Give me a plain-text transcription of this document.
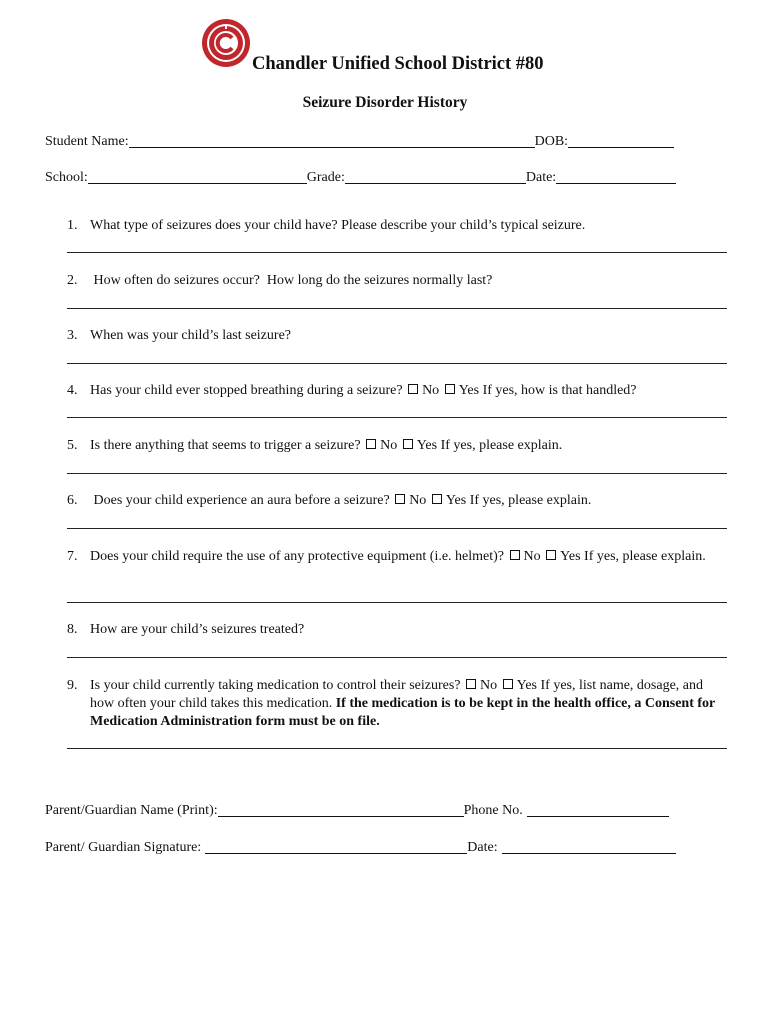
Chandler Unified School District #80
Seizure Disorder History
Student Name:	DOB:
School:	Grade:	Date:
1. What type of seizures does your child have? Please describe your child’s typical seizure.
2. How often do seizures occur?  How long do the seizures normally last?
3. When was your child’s last seizure?
4. Has your child ever stopped breathing during a seizure? No Yes If yes, how is that handled?
5. Is there anything that seems to trigger a seizure? No Yes If yes, please explain.
6. Does your child experience an aura before a seizure? No Yes If yes, please explain.
7. Does your child require the use of any protective equipment (i.e. helmet)? No Yes If yes, please explain.
8. How are your child’s seizures treated?
9. Is your child currently taking medication to control their seizures? No Yes If yes, list name, dosage, and how often your child takes this medication. If the medication is to be kept in the health office, a Consent for Medication Administration form must be on file.
Parent/Guardian Name (Print):	Phone No.
Parent/ Guardian Signature:	Date:
